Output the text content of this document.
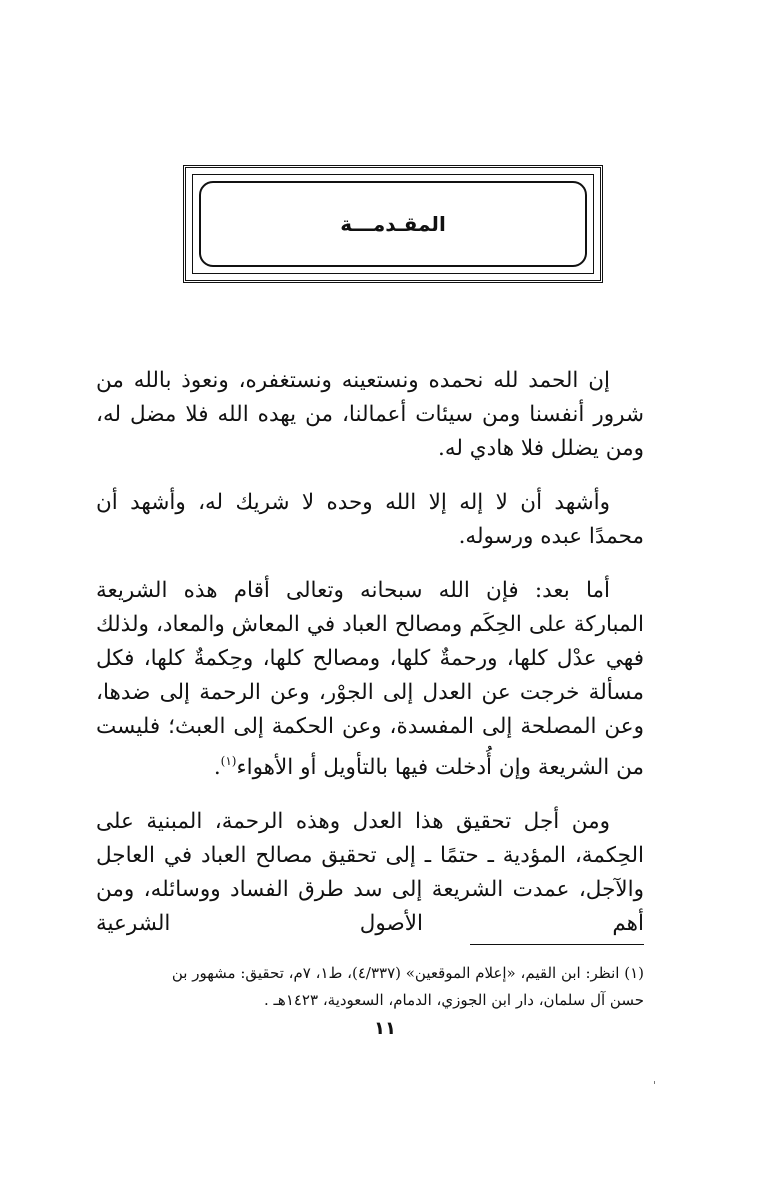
المقـدمـــة

إن الحمد لله نحمده ونستعينه ونستغفره، ونعوذ بالله من شرور أنفسنا ومن سيئات أعمالنا، من يهده الله فلا مضل له، ومن يضلل فلا هادي له.

وأشهد أن لا إله إلا الله وحده لا شريك له، وأشهد أن محمدًا عبده ورسوله.

أما بعد: فإن الله سبحانه وتعالى أقام هذه الشريعة المباركة على الحِكَم ومصالح العباد في المعاش والمعاد، ولذلك فهي عدْل كلها، ورحمةٌ كلها، ومصالح كلها، وحِكمةٌ كلها، فكل مسألة خرجت عن العدل إلى الجوْر، وعن الرحمة إلى ضدها، وعن المصلحة إلى المفسدة، وعن الحكمة إلى العبث؛ فليست من الشريعة وإن أُدخلت فيها بالتأويل أو الأهواء$^{(١)}$.

ومن أجل تحقيق هذا العدل وهذه الرحمة، المبنية على الحِكمة، المؤدية ـ حتمًا ـ إلى تحقيق مصالح العباد في العاجل والآجل، عمدت الشريعة إلى سد طرق الفساد ووسائله، ومن أهم الأصول الشرعية

(١) انظر: ابن القيم، «إعلام الموقعين» (٤/٣٣٧)، ط١، ٧م، تحقيق: مشهور بن
حسن آل سلمان، دار ابن الجوزي، الدمام، السعودية، ١٤٢٣هـ .
١١
